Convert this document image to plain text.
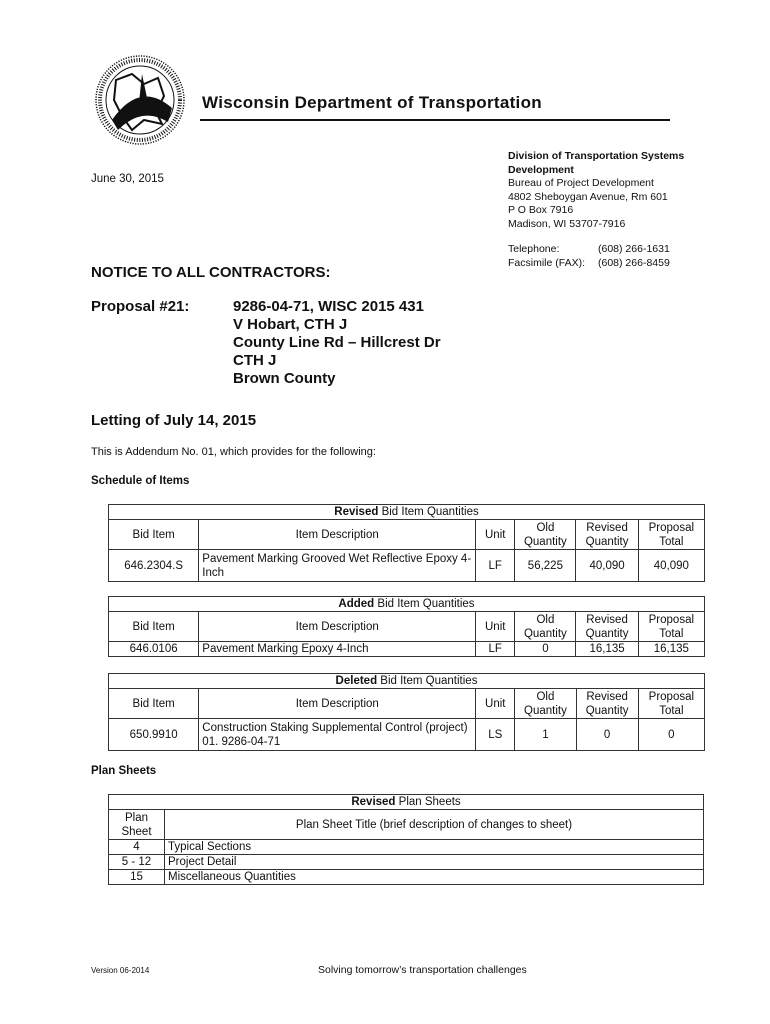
Wisconsin Department of Transportation
June 30, 2015
Division of Transportation Systems
Development
Bureau of Project Development
4802 Sheboygan Avenue, Rm 601
P O Box 7916
Madison, WI 53707-7916
Telephone:	(608) 266-1631
Facsimile (FAX): (608) 266-8459
NOTICE TO ALL CONTRACTORS:
Proposal #21:	9286-04-71, WISC 2015 431
V Hobart, CTH J
County Line Rd – Hillcrest Dr
CTH J
Brown County
Letting of July 14, 2015
This is Addendum No. 01, which provides for the following:
Schedule of Items
Revised Bid Item Quantities					
Bid Item	Item Description	Unit	Old Quantity	Revised Quantity	Proposal Total
646.2304.S	Pavement Marking Grooved Wet Reflective Epoxy 4-Inch	LF	56,225	40,090	40,090
Added Bid Item Quantities					
Bid Item	Item Description	Unit	Old Quantity	Revised Quantity	Proposal Total
646.0106	Pavement Marking Epoxy 4-Inch	LF	0	16,135	16,135
Deleted Bid Item Quantities					
Bid Item	Item Description	Unit	Old Quantity	Revised Quantity	Proposal Total
650.9910	Construction Staking Supplemental Control (project) 01. 9286-04-71	LS	1	0	0
Plan Sheets
Revised Plan Sheets	
Plan Sheet	Plan Sheet Title (brief description of changes to sheet)
4	Typical Sections
5 - 12	Project Detail
15	Miscellaneous Quantities
Version 06-2014	Solving tomorrow’s transportation challenges
